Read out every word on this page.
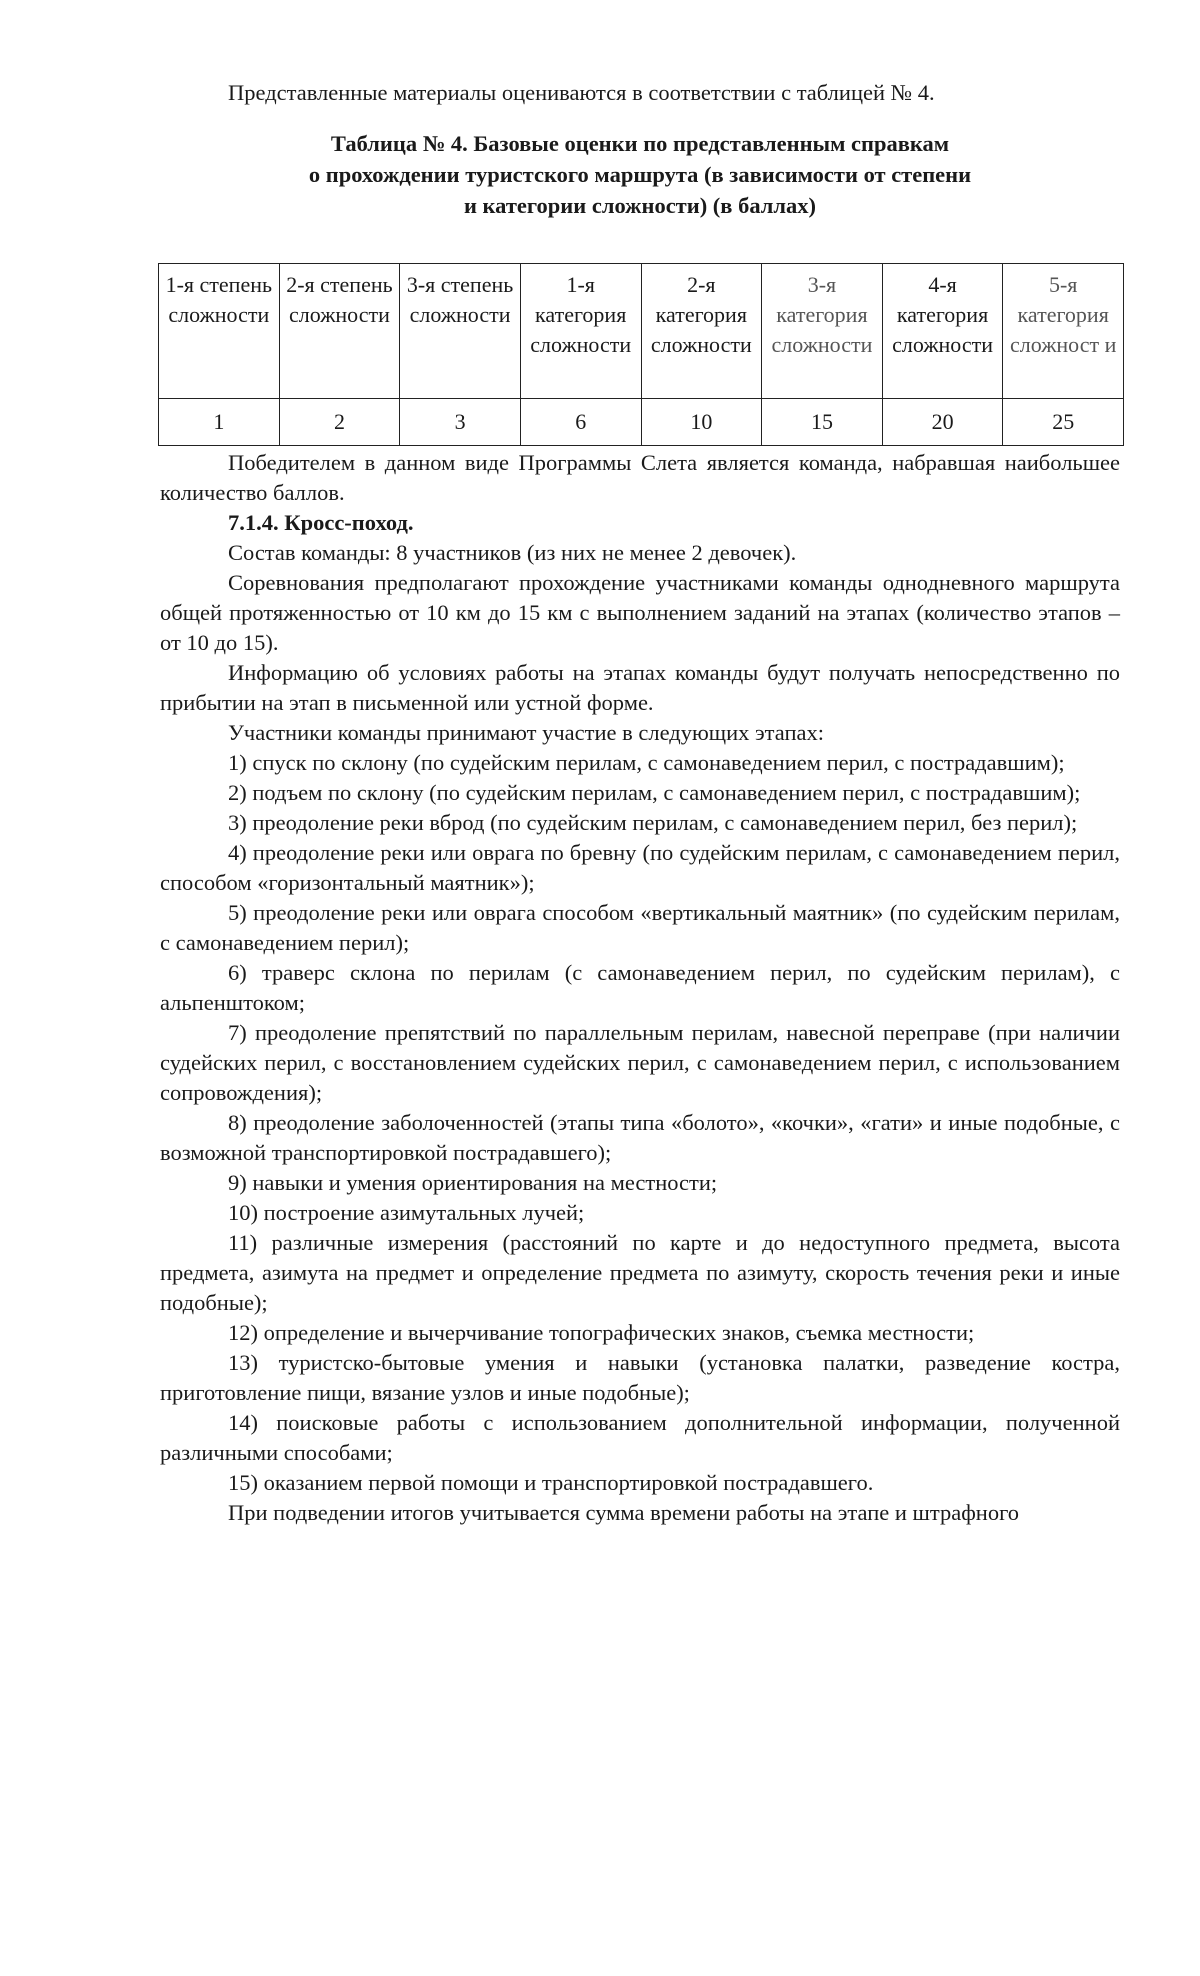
Представленные материалы оцениваются в соответствии с таблицей № 4.

Таблица № 4. Базовые оценки по представленным справкам
о прохождении туристского маршрута (в зависимости от степени
и категории сложности) (в баллах)
1-я степень сложности	2-я степень сложности	3-я степень сложности	1-я категория сложности	2-я категория сложности	3-я категория сложности	4-я категория сложности	5-я категория сложност и
1	2	3	6	10	15	20	25

Победителем в данном виде Программы Слета является команда, набравшая наибольшее количество баллов.

7.1.4. Кросс-поход.

Состав команды: 8 участников (из них не менее 2 девочек).

Соревнования предполагают прохождение участниками команды однодневного маршрута общей протяженностью от 10 км до 15 км с выполнением заданий на этапах (количество этапов – от 10 до 15).

Информацию об условиях работы на этапах команды будут получать непосредственно по прибытии на этап в письменной или устной форме.

Участники команды принимают участие в следующих этапах:

1) спуск по склону (по судейским перилам, с самонаведением перил, с пострадавшим);

2) подъем по склону (по судейским перилам, с самонаведением перил, с пострадавшим);

3) преодоление реки вброд (по судейским перилам, с самонаведением перил, без перил);

4) преодоление реки или оврага по бревну (по судейским перилам, с самонаведением перил, способом «горизонтальный маятник»);

5) преодоление реки или оврага способом «вертикальный маятник» (по судейским перилам, с самонаведением перил);

6) траверс склона по перилам (с самонаведением перил, по судейским перилам), с альпенштоком;

7) преодоление препятствий по параллельным перилам, навесной переправе (при наличии судейских перил, с восстановлением судейских перил, с самонаведением перил, с использованием сопровождения);

8) преодоление заболоченностей (этапы типа «болото», «кочки», «гати» и иные подобные, с возможной транспортировкой пострадавшего);

9) навыки и умения ориентирования на местности;

10) построение азимутальных лучей;

11) различные измерения (расстояний по карте и до недоступного предмета, высота предмета, азимута на предмет и определение предмета по азимуту, скорость течения реки и иные подобные);

12) определение и вычерчивание топографических знаков, съемка местности;

13) туристско-бытовые умения и навыки (установка палатки, разведение костра, приготовление пищи, вязание узлов и иные подобные);

14) поисковые работы с использованием дополнительной информации, полученной различными способами;

15) оказанием первой помощи и транспортировкой пострадавшего.

При подведении итогов учитывается сумма времени работы на этапе и штрафного
